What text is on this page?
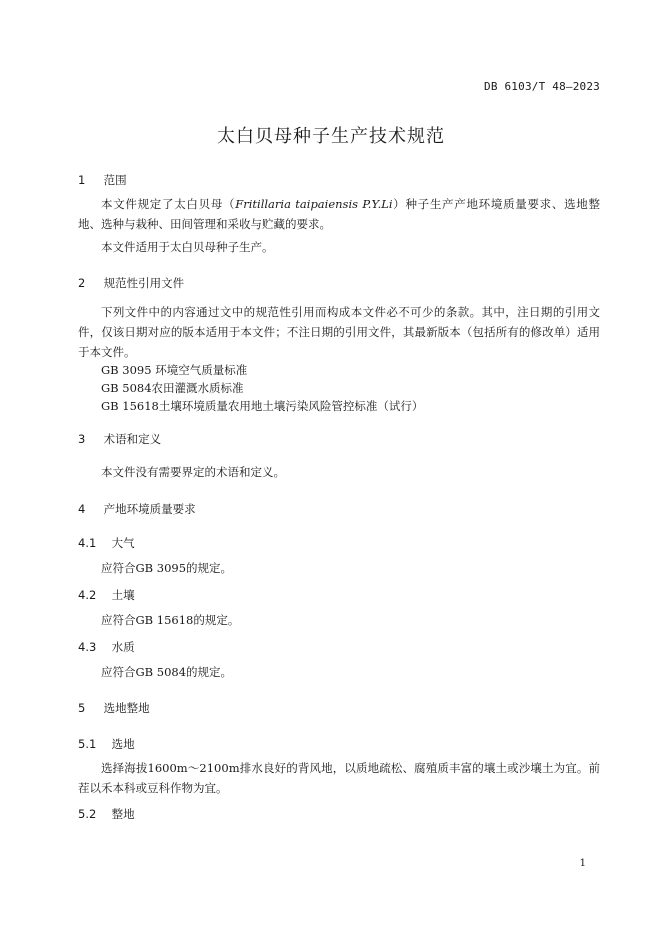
DB 6103/T 48—2023
太白贝母种子生产技术规范
1 范围

本文件规定了太白贝母（Fritillaria taipaiensis P.Y.Li）种子生产产地环境质量要求、选地整地、选种与栽种、田间管理和采收与贮藏的要求。

本文件适用于太白贝母种子生产。

2 规范性引用文件

下列文件中的内容通过文中的规范性引用而构成本文件必不可少的条款。其中，注日期的引用文件，仅该日期对应的版本适用于本文件；不注日期的引用文件，其最新版本（包括所有的修改单）适用于本文件。

GB 3095 环境空气质量标准
GB 5084农田灌溉水质标准
GB 15618土壤环境质量农用地土壤污染风险管控标准（试行）
3 术语和定义

本文件没有需要界定的术语和定义。

4 产地环境质量要求
4.1 大气

应符合GB 3095的规定。

4.2 土壤

应符合GB 15618的规定。

4.3 水质

应符合GB 5084的规定。

5 选地整地
5.1 选地

选择海拔1600m～2100m排水良好的背风地，以质地疏松、腐殖质丰富的壤土或沙壤土为宜。前茬以禾本科或豆科作物为宜。

5.2 整地
1
